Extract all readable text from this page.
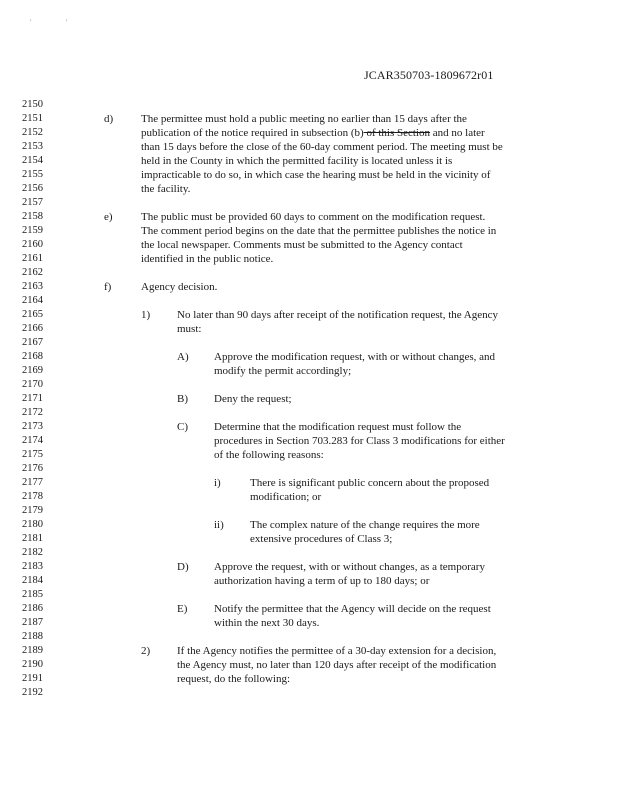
'	'
JCAR350703-1809672r01
2150
2151
2152
2153
2154
2155
2156
2157
2158
2159
2160
2161
2162
2163
2164
2165
2166
2167
2168
2169
2170
2171
2172
2173
2174
2175
2176
2177
2178
2179
2180
2181
2182
2183
2184
2185
2186
2187
2188
2189
2190
2191
2192
d)	The permittee must hold a public meeting no earlier than 15 days after the
publication of the notice required in subsection (b) of this Section and no later
than 15 days before the close of the 60-day comment period. The meeting must be
held in the County in which the permitted facility is located unless it is
impracticable to do so, in which case the hearing must be held in the vicinity of
the facility.
e)	The public must be provided 60 days to comment on the modification request.
The comment period begins on the date that the permittee publishes the notice in
the local newspaper. Comments must be submitted to the Agency contact
identified in the public notice.
f)	Agency decision.
1) No later than 90 days after receipt of the notification request, the Agency
must:
A) Approve the modification request, with or without changes, and
modify the permit accordingly;
B) Deny the request;
C) Determine that the modification request must follow the
procedures in Section 703.283 for Class 3 modifications for either
of the following reasons:
i)	There is significant public concern about the proposed
modification; or
ii) The complex nature of the change requires the more
extensive procedures of Class 3;
D) Approve the request, with or without changes, as a temporary
authorization having a term of up to 180 days; or
E) Notify the permittee that the Agency will decide on the request
within the next 30 days.
2) If the Agency notifies the permittee of a 30-day extension for a decision,
the Agency must, no later than 120 days after receipt of the modification
request, do the following:
